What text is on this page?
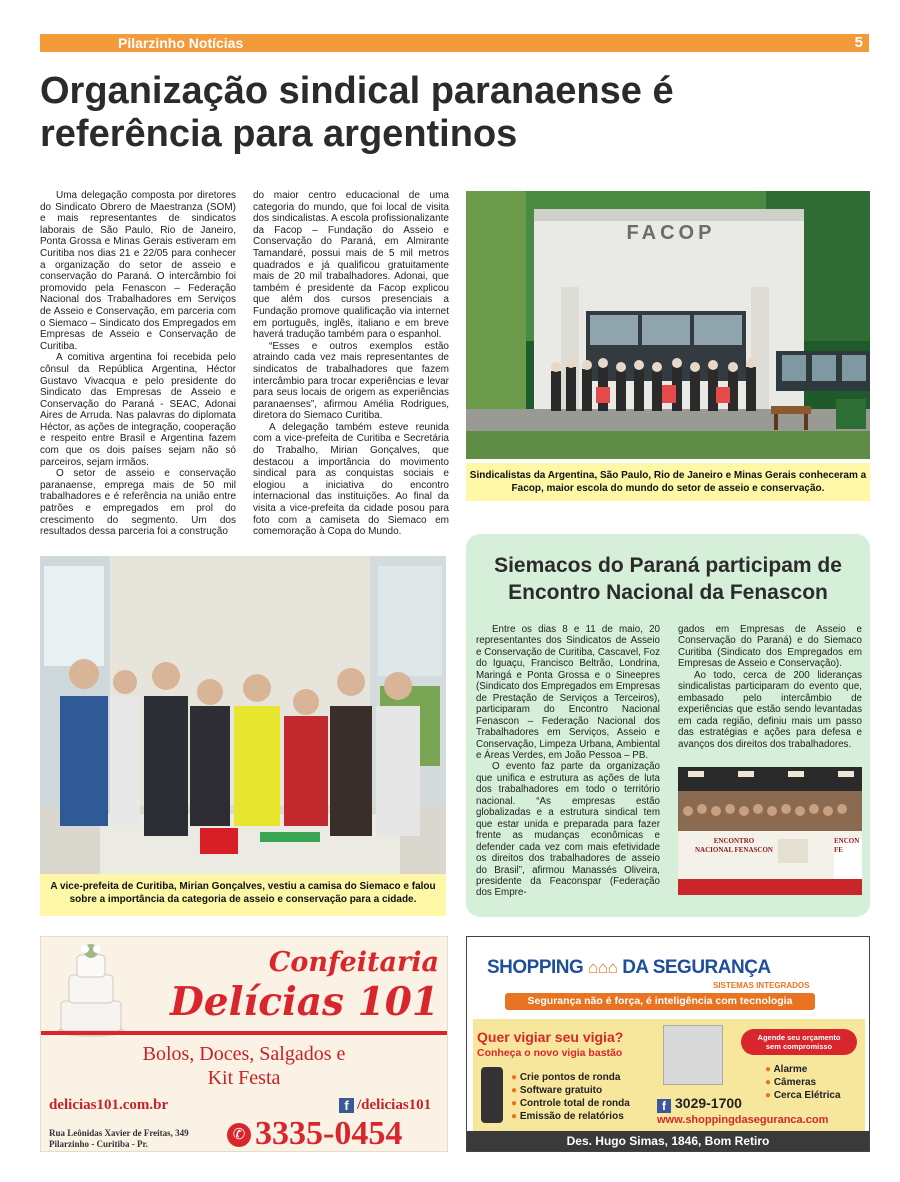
Pilarzinho Notícias	5
Organização sindical paranaense é referência para argentinos

Uma delegação composta por diretores do Sindicato Obrero de Maestranza (SOM) e mais representantes de sindicatos laborais de São Paulo, Rio de Janeiro, Ponta Grossa e Minas Gerais estiveram em Curitiba nos dias 21 e 22/05 para conhecer a organização do setor de asseio e conservação do Paraná. O intercâmbio foi promovido pela Fenascon – Federação Nacional dos Trabalhadores em Serviços de Asseio e Conservação, em parceria com o Siemaco – Sindicato dos Empregados em Empresas de Asseio e Conservação de Curitiba.

A comitiva argentina foi recebida pelo cônsul da República Argentina, Héctor Gustavo Vivacqua e pelo presidente do Sindicato das Empresas de Asseio e Conservação do Paraná - SEAC, Adonai Aires de Arruda. Nas palavras do diplomata Héctor, as ações de integração, cooperação e respeito entre Brasil e Argentina fazem com que os dois países sejam não só parceiros, sejam irmãos.

O setor de asseio e conservação paranaense, emprega mais de 50 mil trabalhadores e é referência na união entre patrões e empregados em prol do crescimento do segmento. Um dos resultados dessa parceria foi a construção

do maior centro educacional de uma categoria do mundo, que foi local de visita dos sindicalistas. A escola profissionalizante da Facop – Fundação do Asseio e Conservação do Paraná, em Almirante Tamandaré, possui mais de 5 mil metros quadrados e já qualificou gratuitamente mais de 20 mil trabalhadores. Adonai, que também é presidente da Facop explicou que além dos cursos presenciais a Fundação promove qualificação via internet em português, inglês, italiano e em breve haverá tradução também para o espanhol.

“Esses e outros exemplos estão atraindo cada vez mais representantes de sindicatos de trabalhadores que fazem intercâmbio para trocar experiências e levar para seus locais de origem as experiências paranaenses”, afirmou Amélia Rodrigues, diretora do Siemaco Curitiba.

A delegação também esteve reunida com a vice-prefeita de Curitiba e Secretária do Trabalho, Mirian Gonçalves, que destacou a importância do movimento sindical para as conquistas sociais e elogiou a iniciativa do encontro internacional das instituições. Ao final da visita a vice-prefeita da cidade posou para foto com a camiseta do Siemaco em comemoração à Copa do Mundo.

FACOP
Sindicalistas da Argentina, São Paulo, Rio de Janeiro e Minas Gerais conheceram a Facop, maior escola do mundo do setor de asseio e conservação.
A vice-prefeita de Curitiba, Mirian Gonçalves, vestiu a camisa do Siemaco e falou sobre a importância da categoria de asseio e conservação para a cidade.
Siemacos do Paraná participam de Encontro Nacional da Fenascon

Entre os dias 8 e 11 de maio, 20 representantes dos Sindicatos de Asseio e Conservação de Curitiba, Cascavel, Foz do Iguaçu, Francisco Beltrão, Londrina, Maringá e Ponta Grossa e o Sineepres (Sindicato dos Empregados em Empresas de Prestação de Serviços a Terceiros), participaram do Encontro Nacional Fenascon – Federação Nacional dos Trabalhadores em Serviços, Asseio e Conservação, Limpeza Urbana, Ambiental e Áreas Verdes, em João Pessoa – PB.

O evento faz parte da organização que unifica e estrutura as ações de luta dos trabalhadores em todo o território nacional. “As empresas estão globalizadas e a estrutura sindical tem que estar unida e preparada para fazer frente as mudanças econômicas e defender cada vez com mais efetividade os direitos dos trabalhadores de asseio do Brasil”, afirmou Manassés Oliveira, presidente da Feaconspar (Federação dos Empre-

gados em Empresas de Asseio e Conservação do Paraná) e do Siemaco Curitiba (Sindicato dos Empregados em Empresas de Asseio e Conservação).

Ao todo, cerca de 200 lideranças sindicalistas participaram do evento que, embasado pelo intercâmbio de experiências que estão sendo levantadas em cada região, definiu mais um passo das estratégias e ações para defesa e avanços dos direitos dos trabalhadores.

ENCONTRO NACIONAL FENASCON
ENCON FE
Confeitaria
Delícias 101
Bolos, Doces, Salgados e
Kit Festa
delicias101.com.br	f /delicias101
Rua Leônidas Xavier de Freitas, 349
Pilarzinho - Curitiba - Pr.
✆ 3335-0454
SHOPPING ⌂⌂⌂ DA SEGURANÇA
SISTEMAS INTEGRADOS
Segurança não é força, é inteligência com tecnologia
Quer vigiar seu vigia?
Conheça o novo vigia bastão
● Crie pontos de ronda
● Software gratuito
● Controle total de ronda
● Emissão de relatórios
Agende seu orçamento
sem compromisso
● Alarme
● Câmeras
● Cerca Elétrica
f 3029-1700
www.shoppingdaseguranca.com
Des. Hugo Simas, 1846, Bom Retiro
